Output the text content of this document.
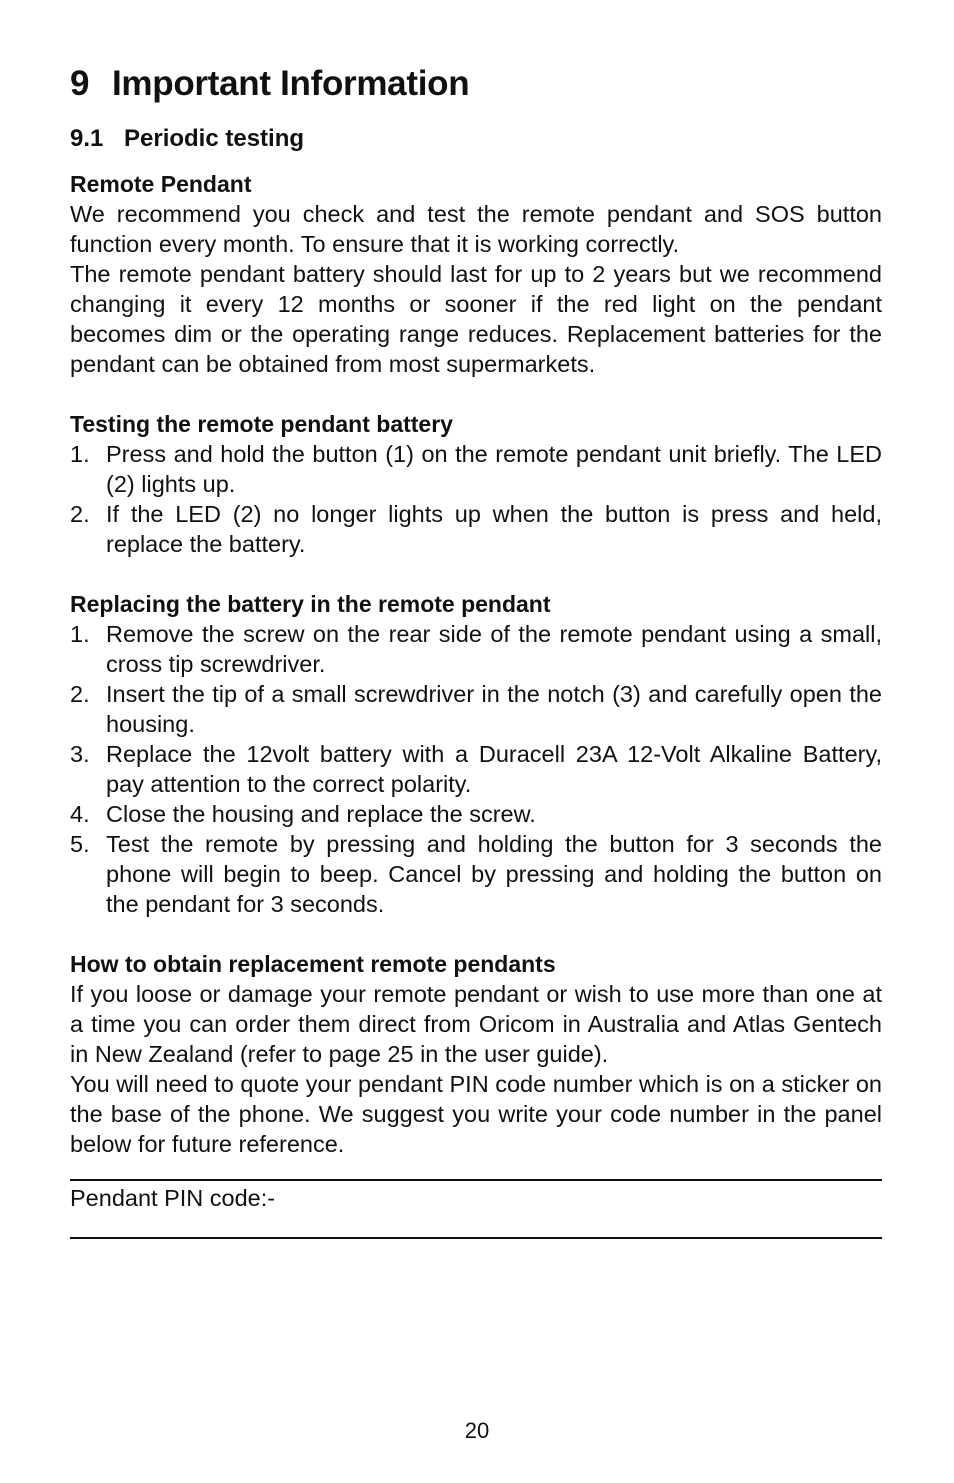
9 Important Information
9.1 Periodic testing
Remote Pendant

We recommend you check and test the remote pendant and SOS button function every month. To ensure that it is working correctly.

The remote pendant battery should last for up to 2 years but we recommend changing it every 12 months or sooner if the red light on the pendant becomes dim or the operating range reduces. Replacement batteries for the pendant can be obtained from most supermarkets.

Testing the remote pendant battery
1. Press and hold the button (1) on the remote pendant unit briefly. The LED (2) lights up.
2. If the LED (2) no longer lights up when the button is press and held, replace the battery.
Replacing the battery in the remote pendant
1. Remove the screw on the rear side of the remote pendant using a small, cross tip screwdriver.
2. Insert the tip of a small screwdriver in the notch (3) and carefully open the housing.
3. Replace the 12volt battery with a Duracell 23A 12-Volt Alkaline Battery, pay attention to the correct polarity.
4. Close the housing and replace the screw.
5. Test the remote by pressing and holding the button for 3 seconds the phone will begin to beep. Cancel by pressing and holding the button on the pendant for 3 seconds.
How to obtain replacement remote pendants

If you loose or damage your remote pendant or wish to use more than one at a time you can order them direct from Oricom in Australia and Atlas Gentech in New Zealand (refer to page 25 in the user guide).

You will need to quote your pendant PIN code number which is on a sticker on the base of the phone. We suggest you write your code number in the panel below for future reference.

Pendant PIN code:-
20
